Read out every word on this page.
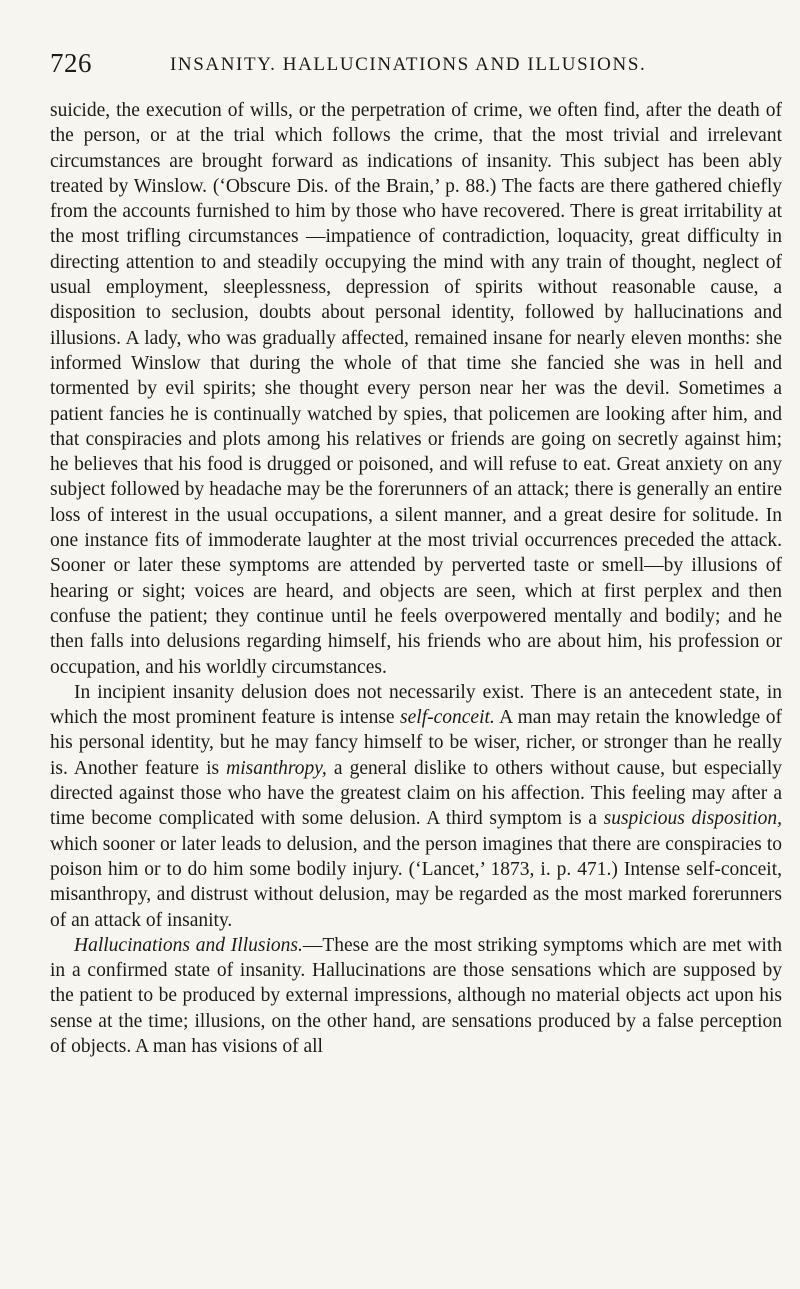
726	INSANITY. HALLUCINATIONS AND ILLUSIONS.

suicide, the execution of wills, or the perpetration of crime, we often find, after the death of the person, or at the trial which follows the crime, that the most trivial and irrelevant circumstances are brought forward as indications of insanity. This subject has been ably treated by Winslow. (‘Obscure Dis. of the Brain,’ p. 88.) The facts are there gathered chiefly from the accounts furnished to him by those who have recovered. There is great irritability at the most trifling circumstances —impatience of contradiction, loquacity, great difficulty in directing attention to and steadily occupying the mind with any train of thought, neglect of usual employment, sleeplessness, depression of spirits without reasonable cause, a disposition to seclusion, doubts about personal identity, followed by hallucinations and illusions. A lady, who was gradually affected, remained insane for nearly eleven months: she informed Winslow that during the whole of that time she fancied she was in hell and tormented by evil spirits; she thought every person near her was the devil. Sometimes a patient fancies he is continually watched by spies, that policemen are looking after him, and that conspiracies and plots among his relatives or friends are going on secretly against him; he believes that his food is drugged or poisoned, and will refuse to eat. Great anxiety on any subject followed by headache may be the forerunners of an attack; there is generally an entire loss of interest in the usual occupations, a silent manner, and a great desire for solitude. In one instance fits of immoderate laughter at the most trivial occurrences preceded the attack. Sooner or later these symptoms are attended by perverted taste or smell—by illusions of hearing or sight; voices are heard, and objects are seen, which at first perplex and then confuse the patient; they continue until he feels overpowered mentally and bodily; and he then falls into delusions regarding himself, his friends who are about him, his profession or occupation, and his worldly circumstances.

In incipient insanity delusion does not necessarily exist. There is an antecedent state, in which the most prominent feature is intense self-conceit. A man may retain the knowledge of his personal identity, but he may fancy himself to be wiser, richer, or stronger than he really is. Another feature is misanthropy, a general dislike to others without cause, but especially directed against those who have the greatest claim on his affection. This feeling may after a time become complicated with some delusion. A third symptom is a suspicious disposition, which sooner or later leads to delusion, and the person imagines that there are conspiracies to poison him or to do him some bodily injury. (‘Lancet,’ 1873, i. p. 471.) Intense self-conceit, misanthropy, and distrust without delusion, may be regarded as the most marked forerunners of an attack of insanity.

Hallucinations and Illusions.—These are the most striking symptoms which are met with in a confirmed state of insanity. Hallucinations are those sensations which are supposed by the patient to be produced by external impressions, although no material objects act upon his sense at the time; illusions, on the other hand, are sensations produced by a false perception of objects. A man has visions of all
